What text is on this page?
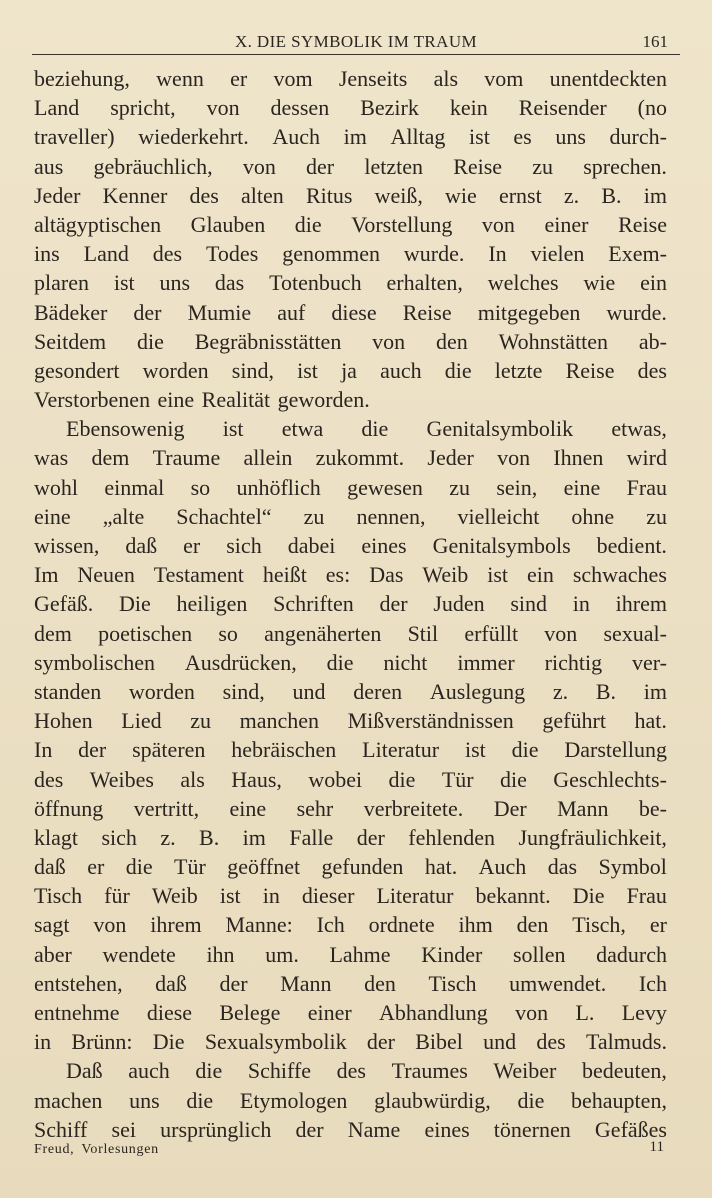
X. DIE SYMBOLIK IM TRAUM	161
beziehung, wenn er vom Jenseits als vom unentdeckten
Land spricht, von dessen Bezirk kein Reisender (no
traveller) wiederkehrt. Auch im Alltag ist es uns durch-
aus gebräuchlich, von der letzten Reise zu sprechen.
Jeder Kenner des alten Ritus weiß, wie ernst z. B. im
altägyptischen Glauben die Vorstellung von einer Reise
ins Land des Todes genommen wurde. In vielen Exem-
plaren ist uns das Totenbuch erhalten, welches wie ein
Bädeker der Mumie auf diese Reise mitgegeben wurde.
Seitdem die Begräbnisstätten von den Wohnstätten ab-
gesondert worden sind, ist ja auch die letzte Reise des
Verstorbenen eine Realität geworden.
Ebensowenig ist etwa die Genitalsymbolik etwas,
was dem Traume allein zukommt. Jeder von Ihnen wird
wohl einmal so unhöflich gewesen zu sein, eine Frau
eine „alte Schachtel“ zu nennen, vielleicht ohne zu
wissen, daß er sich dabei eines Genitalsymbols bedient.
Im Neuen Testament heißt es: Das Weib ist ein schwaches
Gefäß. Die heiligen Schriften der Juden sind in ihrem
dem poetischen so angenäherten Stil erfüllt von sexual-
symbolischen Ausdrücken, die nicht immer richtig ver-
standen worden sind, und deren Auslegung z. B. im
Hohen Lied zu manchen Mißverständnissen geführt hat.
In der späteren hebräischen Literatur ist die Darstellung
des Weibes als Haus, wobei die Tür die Geschlechts-
öffnung vertritt, eine sehr verbreitete. Der Mann be-
klagt sich z. B. im Falle der fehlenden Jungfräulichkeit,
daß er die Tür geöffnet gefunden hat. Auch das Symbol
Tisch für Weib ist in dieser Literatur bekannt. Die Frau
sagt von ihrem Manne: Ich ordnete ihm den Tisch, er
aber wendete ihn um. Lahme Kinder sollen dadurch
entstehen, daß der Mann den Tisch umwendet. Ich
entnehme diese Belege einer Abhandlung von L. Levy
in Brünn: Die Sexualsymbolik der Bibel und des Talmuds.
Daß auch die Schiffe des Traumes Weiber bedeuten,
machen uns die Etymologen glaubwürdig, die behaupten,
Schiff sei ursprünglich der Name eines tönernen Gefäßes
Freud, Vorlesungen	11
